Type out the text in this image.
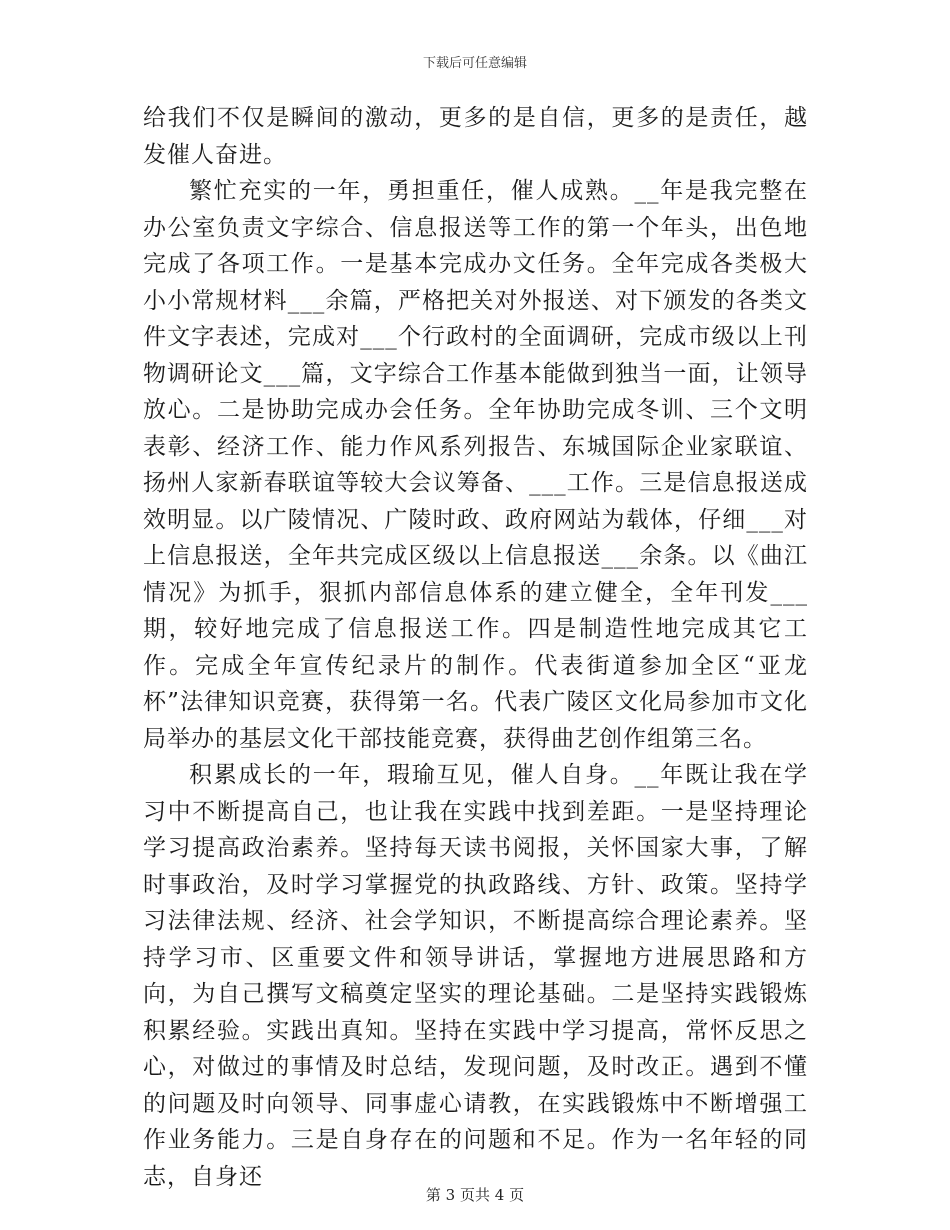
下载后可任意编辑

给我们不仅是瞬间的激动，更多的是自信，更多的是责任，越发催人奋进。

繁忙充实的一年，勇担重任，催人成熟。__年是我完整在办公室负责文字综合、信息报送等工作的第一个年头，出色地完成了各项工作。一是基本完成办文任务。全年完成各类极大小小常规材料___余篇，严格把关对外报送、对下颁发的各类文件文字表述，完成对___个行政村的全面调研，完成市级以上刊物调研论文___篇，文字综合工作基本能做到独当一面，让领导放心。二是协助完成办会任务。全年协助完成冬训、三个文明表彰、经济工作、能力作风系列报告、东城国际企业家联谊、扬州人家新春联谊等较大会议筹备、___工作。三是信息报送成效明显。以广陵情况、广陵时政、政府网站为载体，仔细___对上信息报送，全年共完成区级以上信息报送___余条。以《曲江情况》为抓手，狠抓内部信息体系的建立健全，全年刊发___期，较好地完成了信息报送工作。四是制造性地完成其它工作。完成全年宣传纪录片的制作。代表街道参加全区“亚龙杯”法律知识竞赛，获得第一名。代表广陵区文化局参加市文化局举办的基层文化干部技能竞赛，获得曲艺创作组第三名。

积累成长的一年，瑕瑜互见，催人自身。__年既让我在学习中不断提高自己，也让我在实践中找到差距。一是坚持理论学习提高政治素养。坚持每天读书阅报，关怀国家大事，了解时事政治，及时学习掌握党的执政路线、方针、政策。坚持学习法律法规、经济、社会学知识，不断提高综合理论素养。坚持学习市、区重要文件和领导讲话，掌握地方进展思路和方向，为自己撰写文稿奠定坚实的理论基础。二是坚持实践锻炼积累经验。实践出真知。坚持在实践中学习提高，常怀反思之心，对做过的事情及时总结，发现问题，及时改正。遇到不懂的问题及时向领导、同事虚心请教，在实践锻炼中不断增强工作业务能力。三是自身存在的问题和不足。作为一名年轻的同志，自身还

第 3 页共 4 页
